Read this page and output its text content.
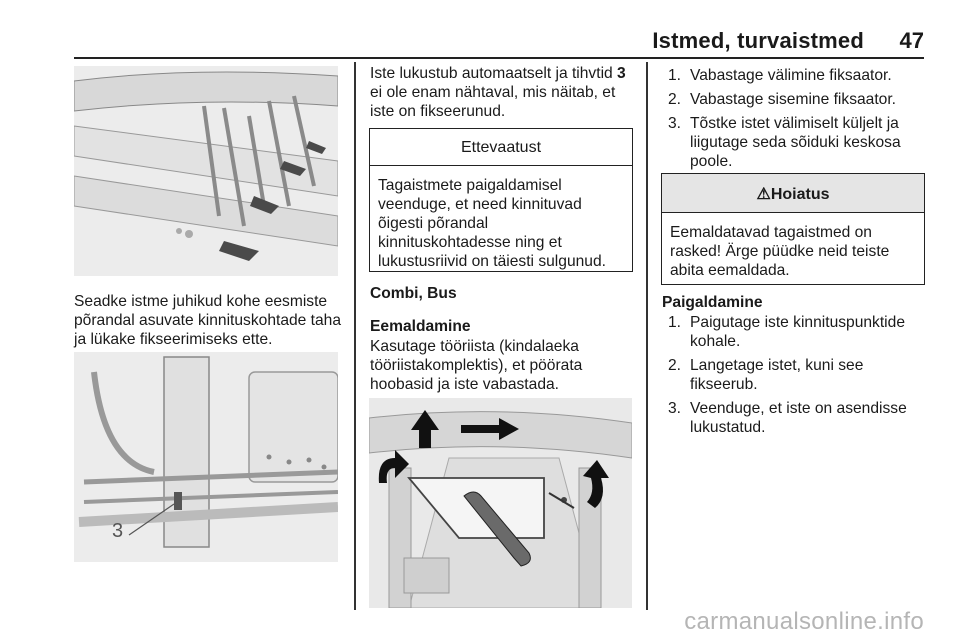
Istmed, turvaistmed 47
Seadke istme juhikud kohe eesmiste põrandal asuvate kinnituskohtade taha ja lükake fikseerimiseks ette.
3
Iste lukustub automaatselt ja tihvtid 3 ei ole enam nähtaval, mis näitab, et iste on fikseerunud.
Ettevaatust
Tagaistmete paigaldamisel veenduge, et need kinnituvad õigesti põrandal kinnituskohtadesse ning et lukustusriivid on täiesti sulgunud.
Combi, Bus
Eemaldamine
Kasutage tööriista (kindalaeka tööriistakomplektis), et pöörata hoobasid ja iste vabastada.
1. Vabastage välimine fiksaator.
2. Vabastage sisemine fiksaator.
3. Tõstke istet välimiselt küljelt ja liigutage seda sõiduki keskosa poole.
⚠Hoiatus
Eemaldatavad tagaistmed on rasked! Ärge püüdke neid teiste abita eemaldada.
Paigaldamine
1. Paigutage iste kinnituspunktide kohale.
2. Langetage istet, kuni see fikseerub.
3. Veenduge, et iste on asendisse lukustatud.
carmanualsonline.info
